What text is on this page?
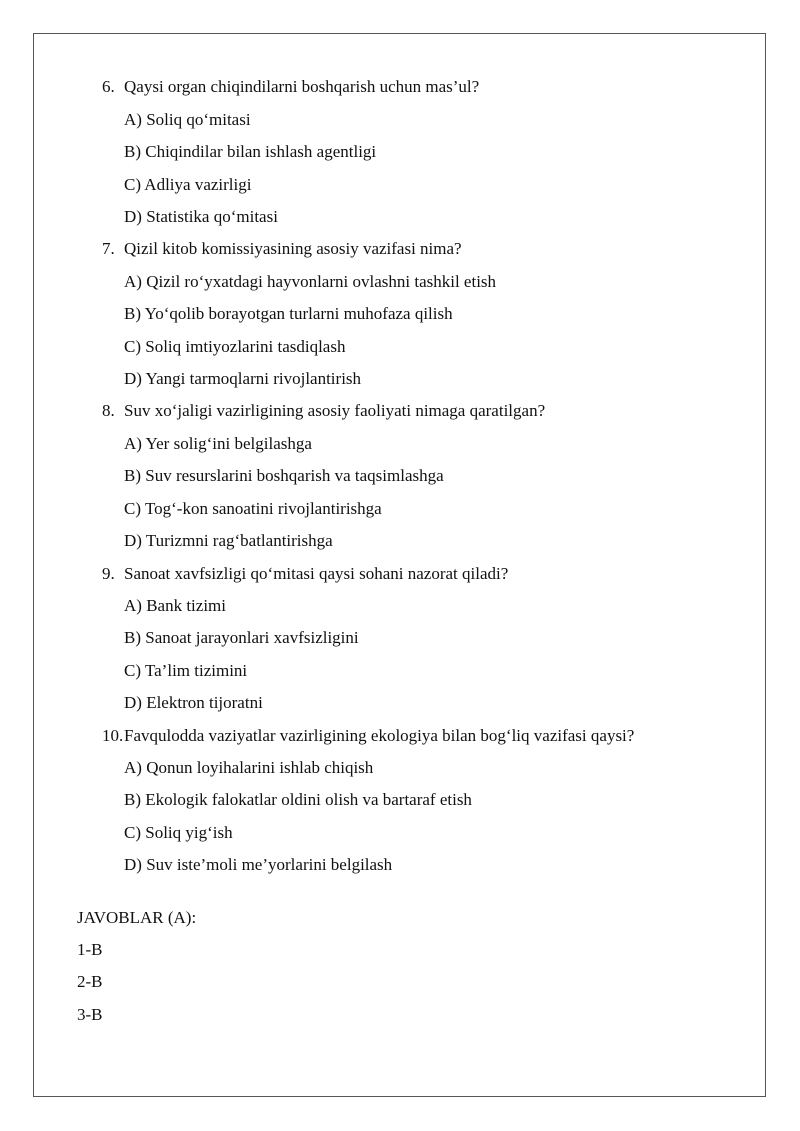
6. Qaysi organ chiqindilarni boshqarish uchun mas’ul?
A) Soliq qo‘mitasi
B) Chiqindilar bilan ishlash agentligi
C) Adliya vazirligi
D) Statistika qo‘mitasi
7. Qizil kitob komissiyasining asosiy vazifasi nima?
A) Qizil ro‘yxatdagi hayvonlarni ovlashni tashkil etish
B) Yo‘qolib borayotgan turlarni muhofaza qilish
C) Soliq imtiyozlarini tasdiqlash
D) Yangi tarmoqlarni rivojlantirish
8. Suv xo‘jaligi vazirligining asosiy faoliyati nimaga qaratilgan?
A) Yer solig‘ini belgilashga
B) Suv resurslarini boshqarish va taqsimlashga
C) Tog‘-kon sanoatini rivojlantirishga
D) Turizmni rag‘batlantirishga
9. Sanoat xavfsizligi qo‘mitasi qaysi sohani nazorat qiladi?
A) Bank tizimi
B) Sanoat jarayonlari xavfsizligini
C) Ta’lim tizimini
D) Elektron tijoratni
10. Favqulodda vaziyatlar vazirligining ekologiya bilan bog‘liq vazifasi qaysi?
A) Qonun loyihalarini ishlab chiqish
B) Ekologik falokatlar oldini olish va bartaraf etish
C) Soliq yig‘ish
D) Suv iste’moli me’yorlarini belgilash
JAVOBLAR (A):
1-B
2-B
3-B
